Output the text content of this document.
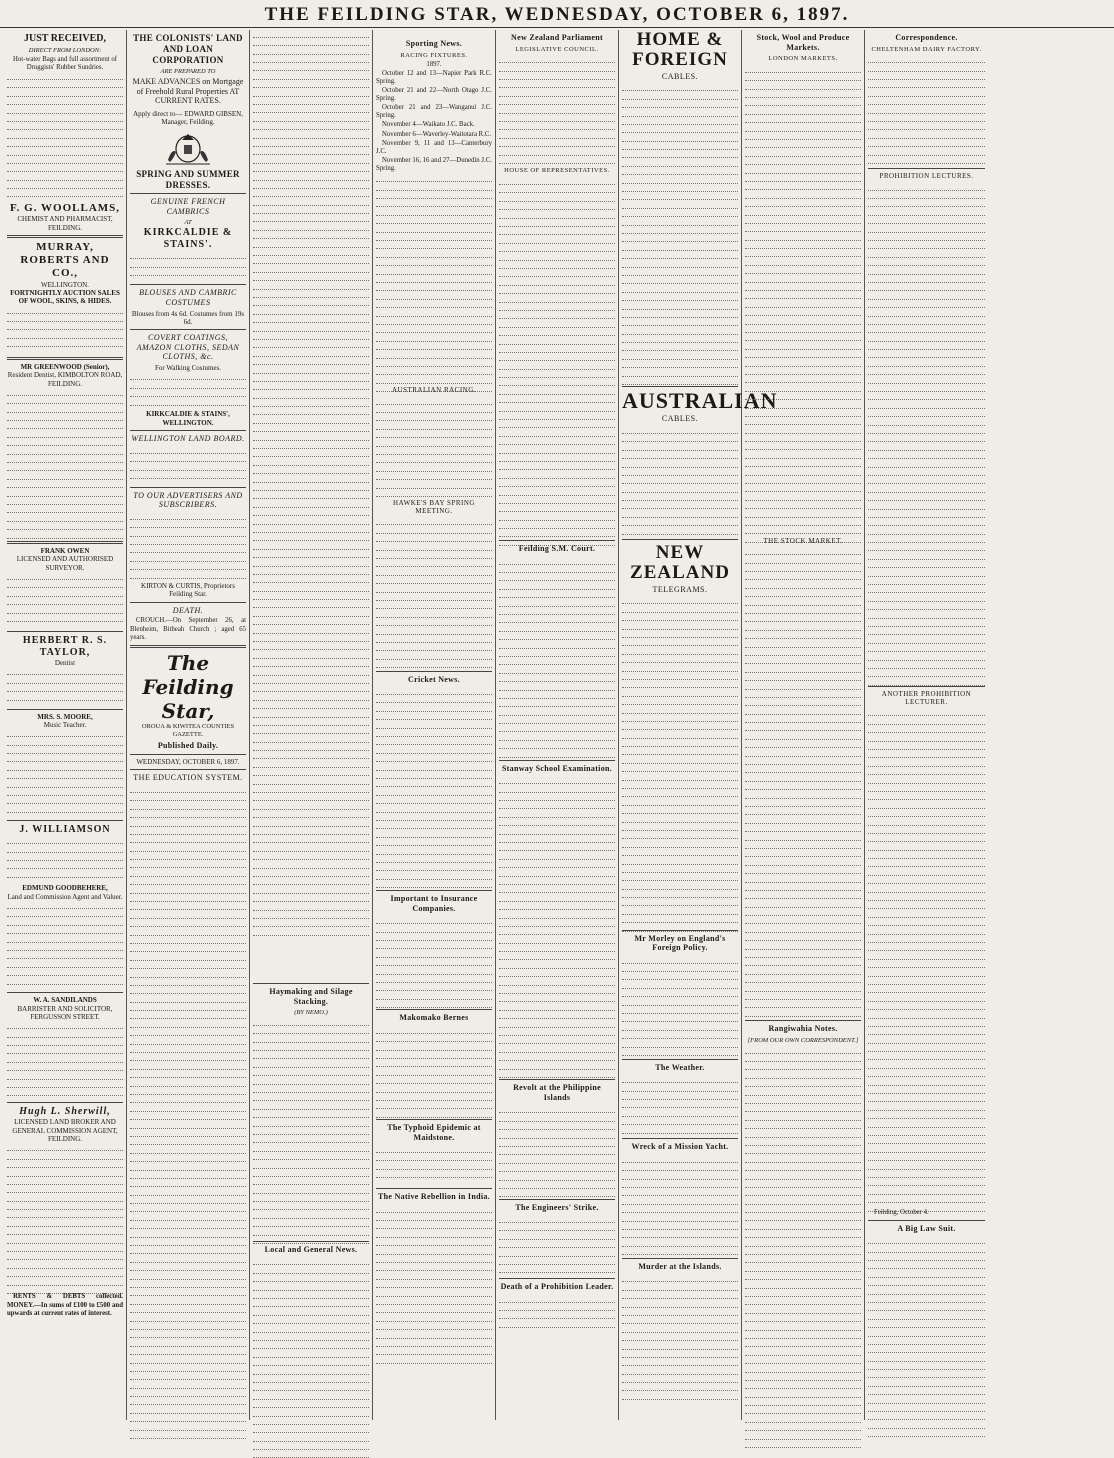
THE FEILDING STAR, WEDNESDAY, OCTOBER 6, 1897.
JUST RECEIVED,
DIRECT FROM LONDON:
Hot-water Bags and full assortment of Druggists' Rubber Sundries.
F. G. WOOLLAMS,
CHEMIST AND PHARMACIST, FEILDING.
MURRAY, ROBERTS AND CO.,
WELLINGTON.
FORTNIGHTLY AUCTION SALES OF WOOL, SKINS, & HIDES.
MR GREENWOOD (Senior),
Resident Dentist, KIMBOLTON ROAD, FEILDING.
FRANK OWEN
LICENSED AND AUTHORISED SURVEYOR.
HERBERT R. S. TAYLOR,
Dentist
MRS. S. MOORE,
Music Teacher.
J. WILLIAMSON
EDMUND GOODBEHERE,
Land and Commission Agent and Valuer.
W. A. SANDILANDS
BARRISTER AND SOLICITOR, FERGUSSON STREET.
Hugh L. Sherwill,
LICENSED LAND BROKER AND GENERAL COMMISSION AGENT, FEILDING.
RENTS & DEBTS collected. MONEY.—In sums of £100 to £500 and upwards at current rates of interest.
THE COLONISTS' LAND AND LOAN CORPORATION
ARE PREPARED TO
MAKE ADVANCES on Mortgage of Freehold Rural Properties AT CURRENT RATES.
Apply direct to— EDWARD GIBSEN, Manager, Feilding.
SPRING AND SUMMER DRESSES.
GENUINE FRENCH CAMBRICS
AT
KIRKCALDIE & STAINS'.
BLOUSES AND CAMBRIC COSTUMES
Blouses from 4s 6d. Costumes from 19s 6d.
COVERT COATINGS, AMAZON CLOTHS, SEDAN CLOTHS, &c.
For Walking Costumes.
KIRKCALDIE & STAINS', WELLINGTON.
WELLINGTON LAND BOARD.
TO OUR ADVERTISERS AND SUBSCRIBERS.
KIRTON & CURTIS, Proprietors Feilding Star.
DEATH.
CROUCH.—On September 26, at Blenheim, Bitheah Church ; aged 65 years.
The Feilding Star,
OROUA & KIWITEA COUNTIES GAZETTE.
Published Daily.
WEDNESDAY, OCTOBER 6, 1897.
THE EDUCATION SYSTEM.
Haymaking and Silage Stacking.
(BY NEMO.)
Local and General News.
Sporting News.
RACING FIXTURES.
1897.
October 12 and 13—Napier Park R.C. Spring.
October 21 and 22—North Otago J.C. Spring.
October 21 and 23—Wanganui J.C. Spring.
November 4—Waikato J.C. Back.
November 6—Waverley-Waitotara R.C.
November 9, 11 and 13—Canterbury J.C.
November 16, 16 and 27—Dunedin J.C. Spring.
AUSTRALIAN RACING.
HAWKE'S BAY SPRING MEETING.
Cricket News.
Important to Insurance Companies.
Makomako Bernes
The Typhoid Epidemic at Maidstone.
The Native Rebellion in India.
New Zealand Parliament
LEGISLATIVE COUNCIL.
HOUSE OF REPRESENTATIVES.
Feilding S.M. Court.
Stanway School Examination.
Revolt at the Philippine Islands
The Engineers' Strike.
Death of a Prohibition Leader.
HOME & FOREIGN
CABLES.
AUSTRALIAN
CABLES.
NEW ZEALAND
TELEGRAMS.
Mr Morley on England's Foreign Policy.
The Weather.
Wreck of a Mission Yacht.
Murder at the Islands.
Stock, Wool and Produce Markets.
LONDON MARKETS.
THE STOCK MARKET.
Rangiwahia Notes.
[FROM OUR OWN CORRESPONDENT.]
Correspondence.
CHELTENHAM DAIRY FACTORY.
PROHIBITION LECTURES.
ANOTHER PROHIBITION LECTURER.
Feilding, October 4.
A Big Law Suit.
